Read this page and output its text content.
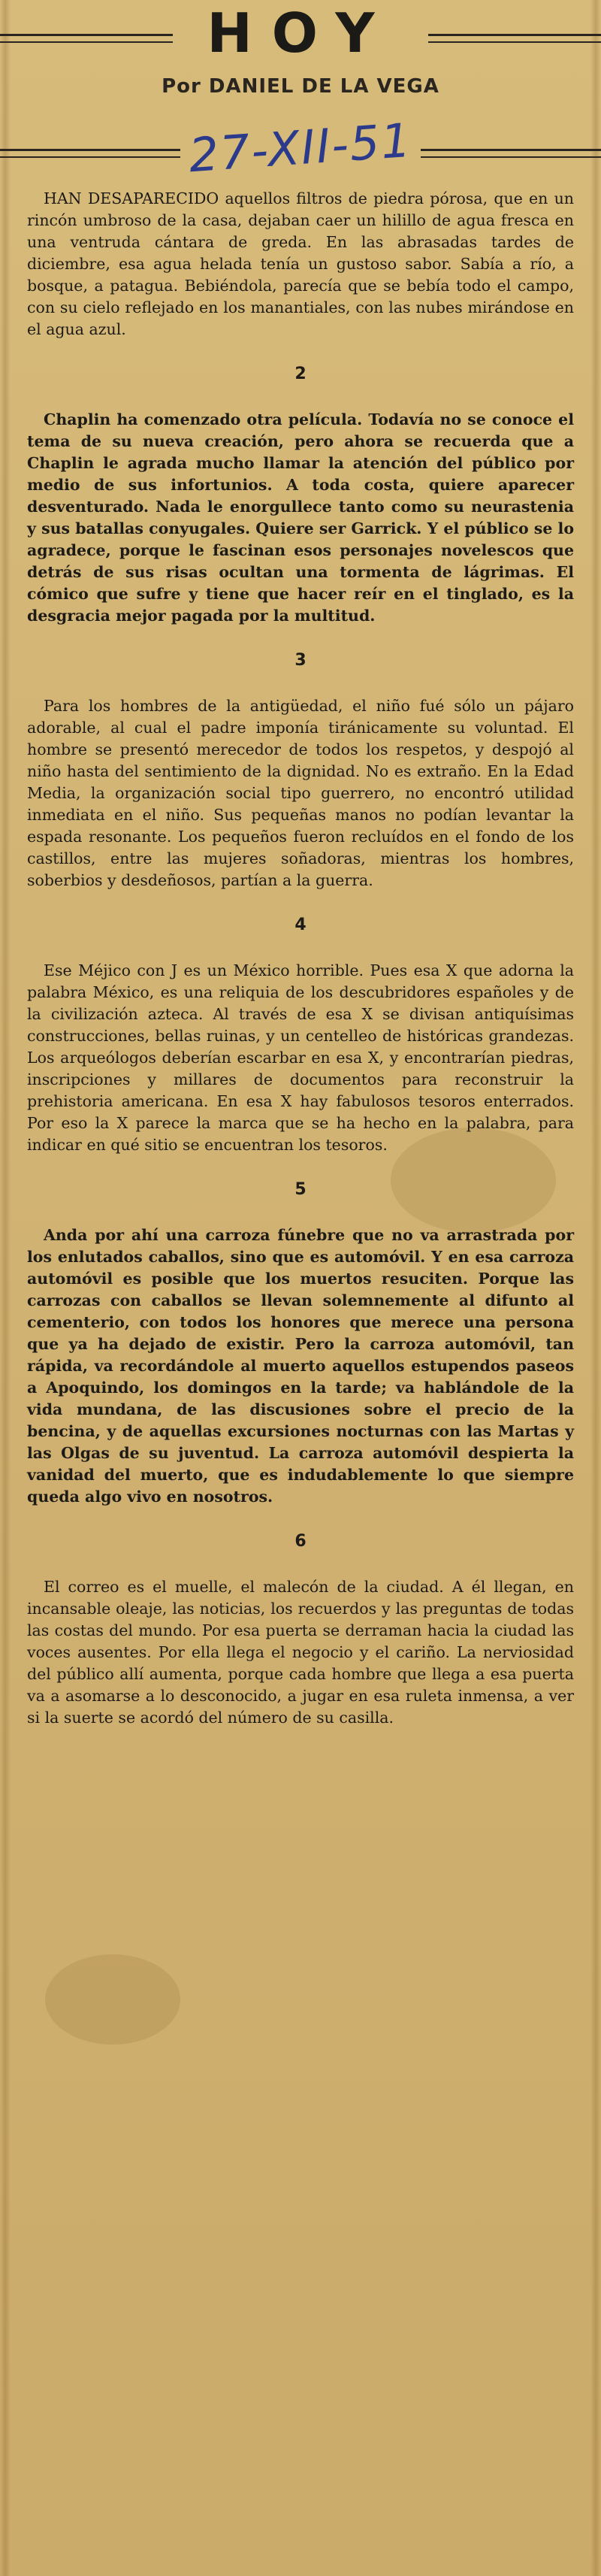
HOY
Por DANIEL DE LA VEGA
27-XII-51

HAN DESAPARECIDO aquellos filtros de piedra pórosa, que en un rincón umbroso de la casa, dejaban caer un hilillo de agua fresca en una ventruda cántara de greda. En las abrasadas tardes de diciembre, esa agua helada tenía un gustoso sabor. Sabía a río, a bosque, a patagua. Bebiéndola, parecía que se bebía todo el campo, con su cielo reflejado en los manantiales, con las nubes mirándose en el agua azul.

2

Chaplin ha comenzado otra película. Todavía no se conoce el tema de su nueva creación, pero ahora se recuerda que a Chaplin le agrada mucho llamar la atención del público por medio de sus infortunios. A toda costa, quiere aparecer desventurado. Nada le enorgullece tanto como su neurastenia y sus batallas conyugales. Quiere ser Garrick. Y el público se lo agradece, porque le fascinan esos personajes novelescos que detrás de sus risas ocultan una tormenta de lágrimas. El cómico que sufre y tiene que hacer reír en el tinglado, es la desgracia mejor pagada por la multitud.

3

Para los hombres de la antigüedad, el niño fué sólo un pájaro adorable, al cual el padre imponía tiránicamente su voluntad. El hombre se presentó merecedor de todos los respetos, y despojó al niño hasta del sentimiento de la dignidad. No es extraño. En la Edad Media, la organización social tipo guerrero, no encontró utilidad inmediata en el niño. Sus pequeñas manos no podían levantar la espada resonante. Los pequeños fueron recluídos en el fondo de los castillos, entre las mujeres soñadoras, mientras los hombres, soberbios y desdeñosos, partían a la guerra.

4

Ese Méjico con J es un México horrible. Pues esa X que adorna la palabra México, es una reliquia de los descubridores españoles y de la civilización azteca. Al través de esa X se divisan antiquísimas construcciones, bellas ruinas, y un centelleo de históricas grandezas. Los arqueólogos deberían escarbar en esa X, y encontrarían piedras, inscripciones y millares de documentos para reconstruir la prehistoria americana. En esa X hay fabulosos tesoros enterrados. Por eso la X parece la marca que se ha hecho en la palabra, para indicar en qué sitio se encuentran los tesoros.

5

Anda por ahí una carroza fúnebre que no va arrastrada por los enlutados caballos, sino que es automóvil. Y en esa carroza automóvil es posible que los muertos resuciten. Porque las carrozas con caballos se llevan solemnemente al difunto al cementerio, con todos los honores que merece una persona que ya ha dejado de existir. Pero la carroza automóvil, tan rápida, va recordándole al muerto aquellos estupendos paseos a Apoquindo, los domingos en la tarde; va hablándole de la vida mundana, de las discusiones sobre el precio de la bencina, y de aquellas excursiones nocturnas con las Martas y las Olgas de su juventud. La carroza automóvil despierta la vanidad del muerto, que es indudablemente lo que siempre queda algo vivo en nosotros.

6

El correo es el muelle, el malecón de la ciudad. A él llegan, en incansable oleaje, las noticias, los recuerdos y las preguntas de todas las costas del mundo. Por esa puerta se derraman hacia la ciudad las voces ausentes. Por ella llega el negocio y el cariño. La nerviosidad del público allí aumenta, porque cada hombre que llega a esa puerta va a asomarse a lo desconocido, a jugar en esa ruleta inmensa, a ver si la suerte se acordó del número de su casilla.
